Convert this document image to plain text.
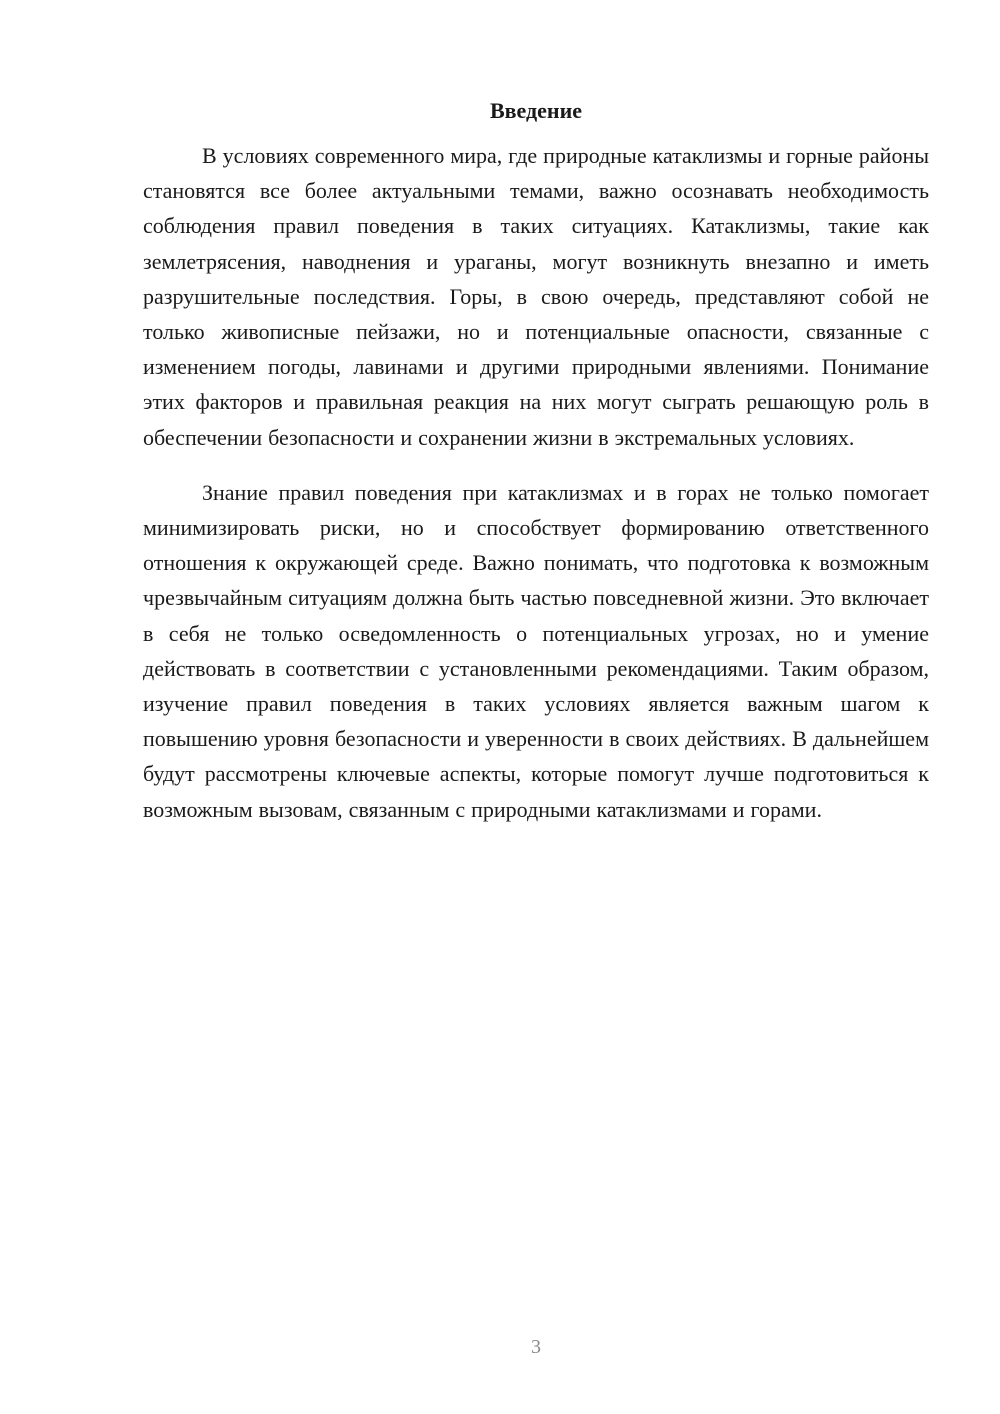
Введение

В условиях современного мира, где природные катаклизмы и горные районы становятся все более актуальными темами, важно осознавать необходимость соблюдения правил поведения в таких ситуациях. Катаклизмы, такие как землетрясения, наводнения и ураганы, могут возникнуть внезапно и иметь разрушительные последствия. Горы, в свою очередь, представляют собой не только живописные пейзажи, но и потенциальные опасности, связанные с изменением погоды, лавинами и другими природными явлениями. Понимание этих факторов и правильная реакция на них могут сыграть решающую роль в обеспечении безопасности и сохранении жизни в экстремальных условиях.

Знание правил поведения при катаклизмах и в горах не только помогает минимизировать риски, но и способствует формированию ответственного отношения к окружающей среде. Важно понимать, что подготовка к возможным чрезвычайным ситуациям должна быть частью повседневной жизни. Это включает в себя не только осведомленность о потенциальных угрозах, но и умение действовать в соответствии с установленными рекомендациями. Таким образом, изучение правил поведения в таких условиях является важным шагом к повышению уровня безопасности и уверенности в своих действиях. В дальнейшем будут рассмотрены ключевые аспекты, которые помогут лучше подготовиться к возможным вызовам, связанным с природными катаклизмами и горами.

3
